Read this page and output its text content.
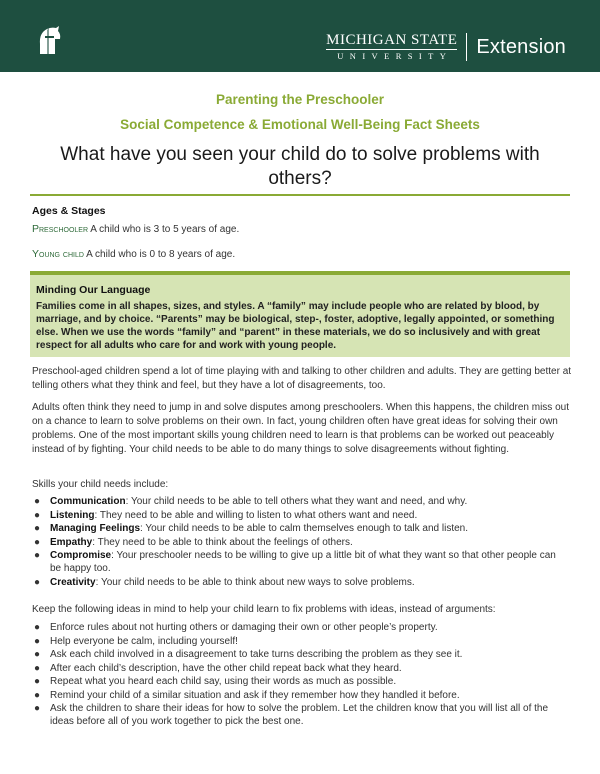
MICHIGAN STATE
UNIVERSITY Extension
Parenting the Preschooler
Social Competence & Emotional Well-Being Fact Sheets
What have you seen your child do to solve problems with others?
Ages & Stages

Preschooler A child who is 3 to 5 years of age.

Young child A child who is 0 to 8 years of age.

Minding Our Language

Families come in all shapes, sizes, and styles. A “family” may include people who are related by blood, by marriage, and by choice. “Parents” may be biological, step-, foster, adoptive, legally appointed, or something else. When we use the words “family” and “parent” in these materials, we do so inclusively and with great respect for all adults who care for and work with young people.

Preschool-aged children spend a lot of time playing with and talking to other children and adults. They are getting better at telling others what they think and feel, but they have a lot of disagreements, too.

Adults often think they need to jump in and solve disputes among preschoolers. When this happens, the children miss out on a chance to learn to solve problems on their own. In fact, young children often have great ideas for solving their own problems. One of the most important skills young children need to learn is that problems can be worked out peaceably instead of by fighting. Your child needs to be able to do many things to solve disagreements without fighting.

Skills your child needs include:

● Communication: Your child needs to be able to tell others what they want and need, and why.
● Listening: They need to be able and willing to listen to what others want and need.
● Managing Feelings: Your child needs to be able to calm themselves enough to talk and listen.
● Empathy: They need to be able to think about the feelings of others.
● Compromise: Your preschooler needs to be willing to give up a little bit of what they want so that other people can be happy too.
● Creativity: Your child needs to be able to think about new ways to solve problems.

Keep the following ideas in mind to help your child learn to fix problems with ideas, instead of arguments:

● Enforce rules about not hurting others or damaging their own or other people’s property.
● Help everyone be calm, including yourself!
● Ask each child involved in a disagreement to take turns describing the problem as they see it.
● After each child’s description, have the other child repeat back what they heard.
● Repeat what you heard each child say, using their words as much as possible.
● Remind your child of a similar situation and ask if they remember how they handled it before.
● Ask the children to share their ideas for how to solve the problem. Let the children know that you will list all of the ideas before all of you work together to pick the best one.
